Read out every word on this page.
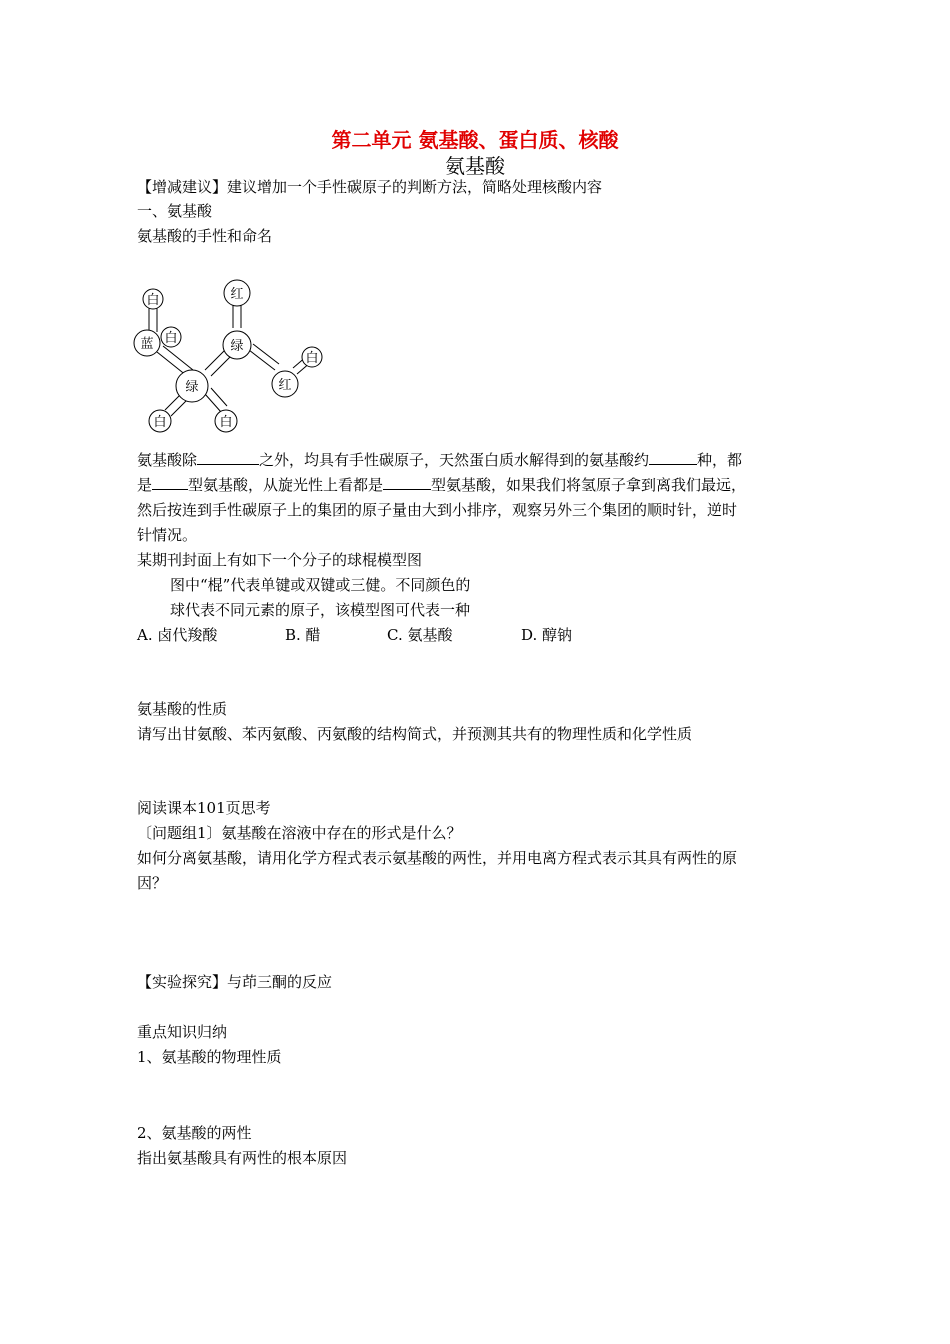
第二单元 氨基酸、蛋白质、核酸
氨基酸
【增减建议】建议增加一个手性碳原子的判断方法，简略处理核酸内容
一、氨基酸
氨基酸的手性和命名
白
蓝 白
绿
绿
红
红
白
白	白
氨基酸除	之外，均具有手性碳原子，天然蛋白质水解得到的氨基酸约	种，都
是 型氨基酸，从旋光性上看都是	型氨基酸，如果我们将氢原子拿到离我们最远，
然后按连到手性碳原子上的集团的原子量由大到小排序，观察另外三个集团的顺时针，逆时
针情况。
某期刊封面上有如下一个分子的球棍模型图
图中“棍”代表单键或双键或三健。不同颜色的
球代表不同元素的原子，该模型图可代表一种
A. 卤代羧酸	B. 醋	C. 氨基酸	D. 醇钠
氨基酸的性质
请写出甘氨酸、苯丙氨酸、丙氨酸的结构简式，并预测其共有的物理性质和化学性质
阅读课本101页思考
〔问题组1〕氨基酸在溶液中存在的形式是什么？
如何分离氨基酸，请用化学方程式表示氨基酸的两性，并用电离方程式表示其具有两性的原
因？
【实验探究】与茚三酮的反应
重点知识归纳
1、氨基酸的物理性质
2、氨基酸的两性
指出氨基酸具有两性的根本原因
